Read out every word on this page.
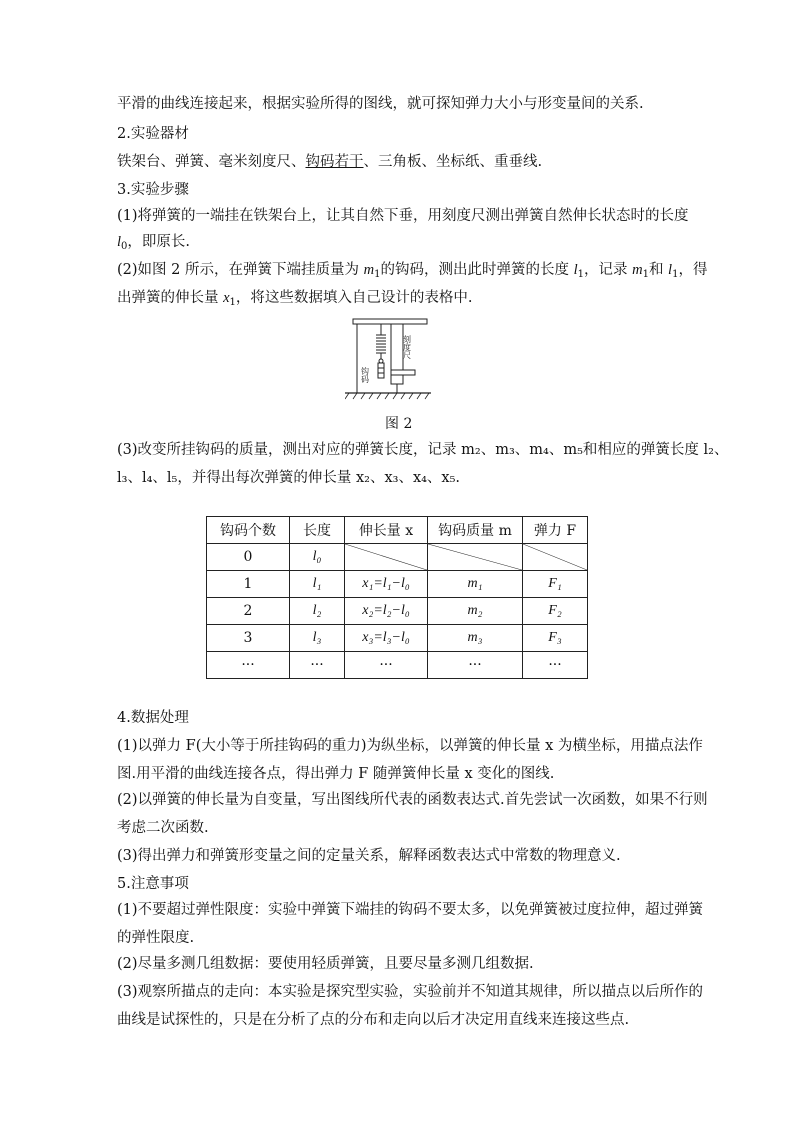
平滑的曲线连接起来，根据实验所得的图线，就可探知弹力大小与形变量间的关系.
2.实验器材
铁架台、弹簧、毫米刻度尺、钩码若干、三角板、坐标纸、重垂线.
3.实验步骤
(1)将弹簧的一端挂在铁架台上，让其自然下垂，用刻度尺测出弹簧自然伸长状态时的长度
$l_0$，即原长.
(2)如图 2 所示，在弹簧下端挂质量为 $m_1$的钩码，测出此时弹簧的长度 $l_1$，记录 $m_1$和 $l_1$，得
出弹簧的伸长量 $x_1$，将这些数据填入自己设计的表格中.
刻度尺
钩码
图 2
(3)改变所挂钩码的质量，测出对应的弹簧长度，记录 m₂、m₃、m₄、m₅和相应的弹簧长度 l₂、
l₃、l₄、l₅，并得出每次弹簧的伸长量 x₂、x₃、x₄、x₅.
钩码个数	长度	伸长量 x	钩码质量 m	弹力 F
0	l₀	

1	l₁	x₁=l₁−l₀	m₁	F₁
2	l₂	x₂=l₂−l₀	m₂	F₂
3	l₃	x₃=l₃−l₀	m₃	F₃
···	···	···	···	···
4.数据处理
(1)以弹力 F(大小等于所挂钩码的重力)为纵坐标，以弹簧的伸长量 x 为横坐标，用描点法作
图.用平滑的曲线连接各点，得出弹力 F 随弹簧伸长量 x 变化的图线.
(2)以弹簧的伸长量为自变量，写出图线所代表的函数表达式.首先尝试一次函数，如果不行则
考虑二次函数.
(3)得出弹力和弹簧形变量之间的定量关系，解释函数表达式中常数的物理意义.
5.注意事项
(1)不要超过弹性限度：实验中弹簧下端挂的钩码不要太多，以免弹簧被过度拉伸，超过弹簧
的弹性限度.
(2)尽量多测几组数据：要使用轻质弹簧，且要尽量多测几组数据.
(3)观察所描点的走向：本实验是探究型实验，实验前并不知道其规律，所以描点以后所作的
曲线是试探性的，只是在分析了点的分布和走向以后才决定用直线来连接这些点.
